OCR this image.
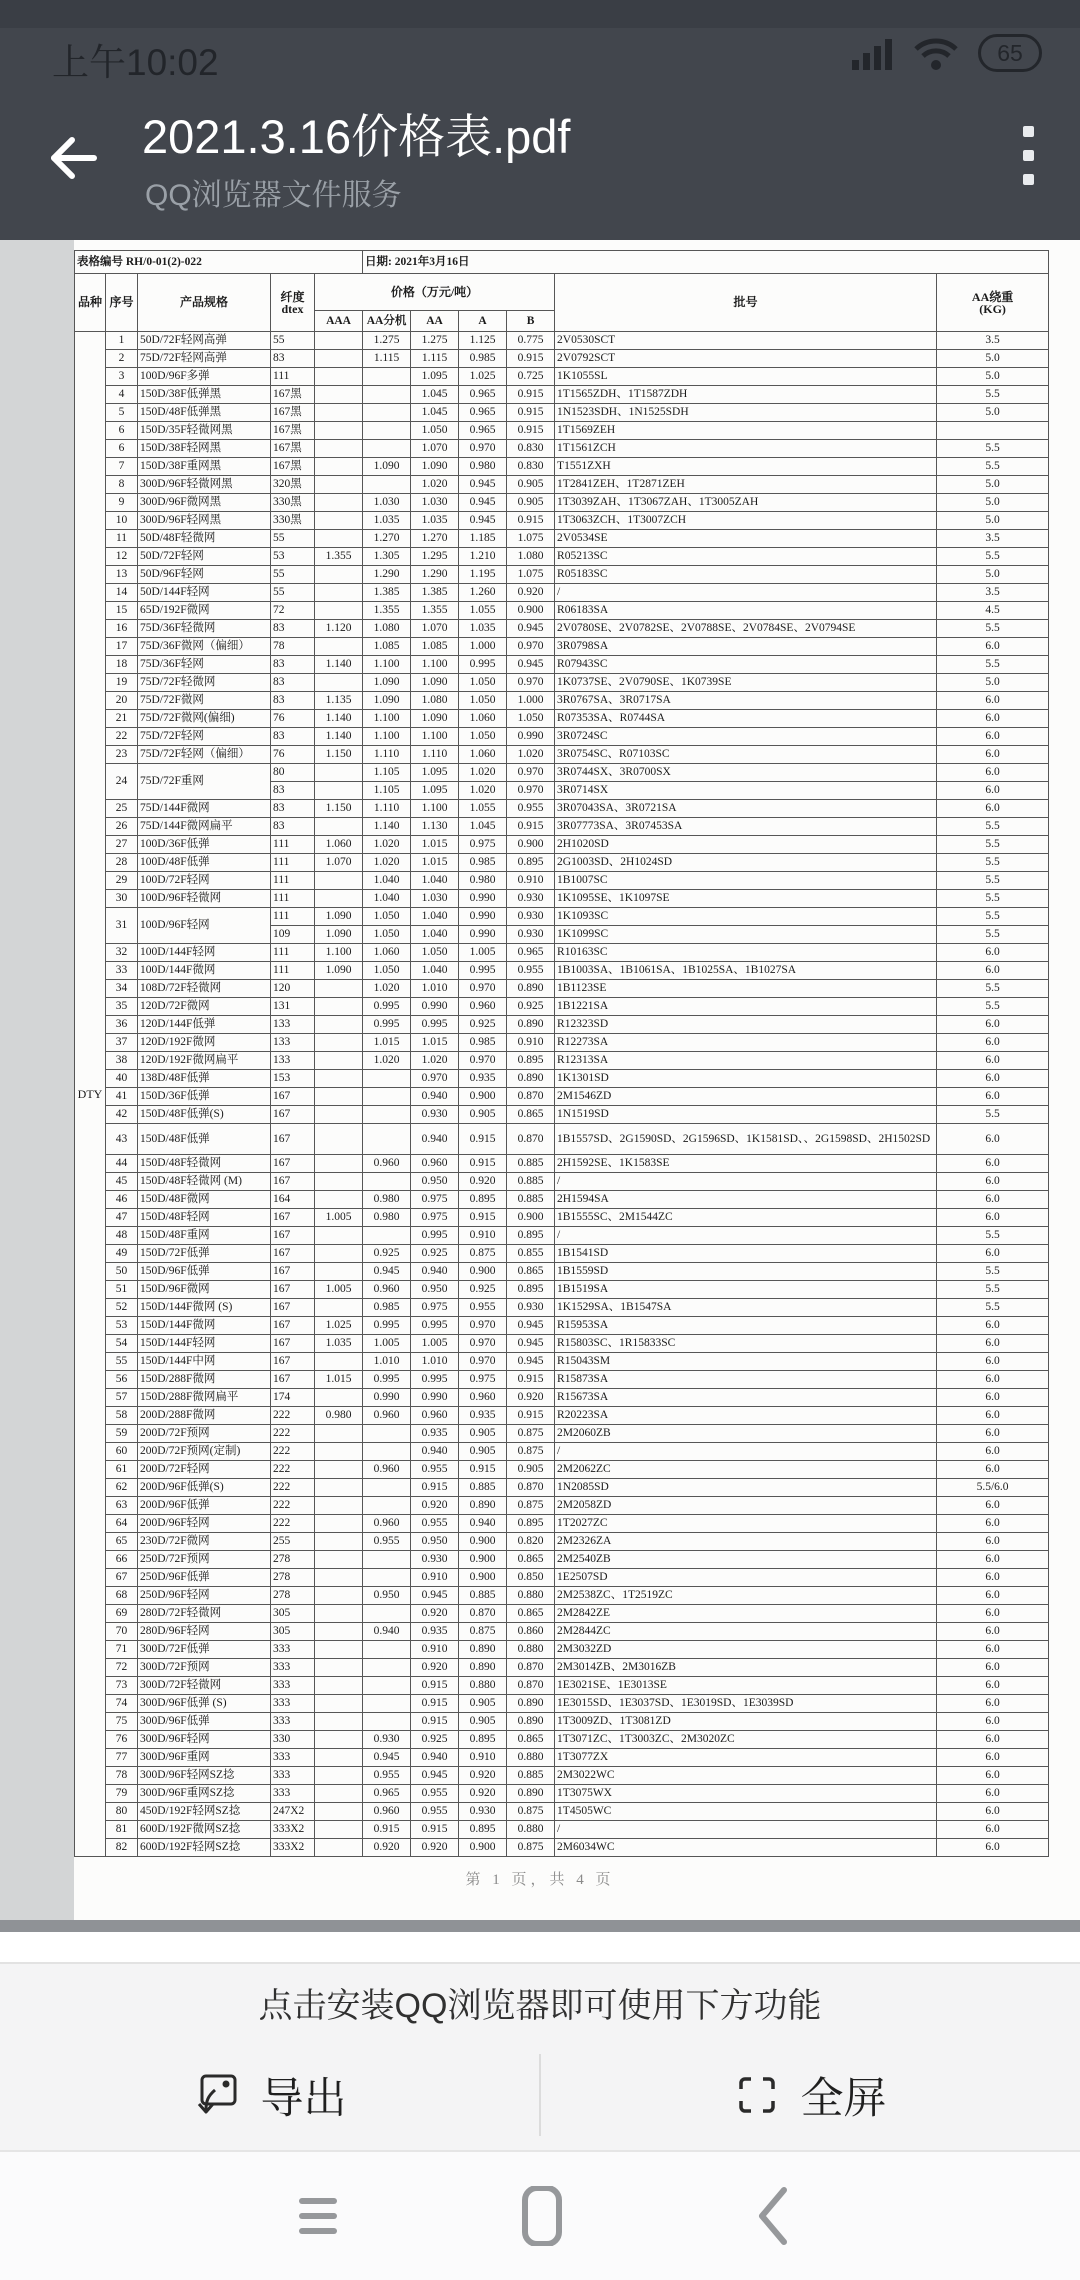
上午10:02	65
2021.3.16价格表.pdf
QQ浏览器文件服务
表格编号 RH/0-01(2)-022					日期: 2021年3月16日					
品种	序号	产品规格	纤度
dtex	价格（万元/吨）					批号	AA绕重
(KG)

				AAA	AA分机	AA	A	B		
DTY	1	50D/72F轻网高弹	55		1.275	1.275	1.125	0.775	2V0530SCT	3.5
	2	75D/72F轻网高弹	83		1.115	1.115	0.985	0.915	2V0792SCT	5.0
	3	100D/96F多弹	111			1.095	1.025	0.725	1K1055SL	5.0
	4	150D/38F低弹黑	167黑			1.045	0.965	0.915	1T1565ZDH、1T1587ZDH	5.5
	5	150D/48F低弹黑	167黑			1.045	0.965	0.915	1N1523SDH、1N1525SDH	5.0
	6	150D/35F轻微网黑	167黑			1.050	0.965	0.915	1T1569ZEH	
	6	150D/38F轻网黑	167黑			1.070	0.970	0.830	1T1561ZCH	5.5
	7	150D/38F重网黑	167黑		1.090	1.090	0.980	0.830	T1551ZXH	5.5
	8	300D/96F轻微网黑	320黑			1.020	0.945	0.905	1T2841ZEH、1T2871ZEH	5.0
	9	300D/96F微网黑	330黑		1.030	1.030	0.945	0.905	1T3039ZAH、1T3067ZAH、1T3005ZAH	5.0
	10	300D/96F轻网黑	330黑		1.035	1.035	0.945	0.915	1T3063ZCH、1T3007ZCH	5.0
	11	50D/48F轻微网	55		1.270	1.270	1.185	1.075	2V0534SE	3.5
	12	50D/72F轻网	53	1.355	1.305	1.295	1.210	1.080	R05213SC	5.5
	13	50D/96F轻网	55		1.290	1.290	1.195	1.075	R05183SC	5.0
	14	50D/144F轻网	55		1.385	1.385	1.260	0.920	/	3.5
	15	65D/192F微网	72		1.355	1.355	1.055	0.900	R06183SA	4.5
	16	75D/36F轻微网	83	1.120	1.080	1.070	1.035	0.945	2V0780SE、2V0782SE、2V0788SE、2V0784SE、2V0794SE	5.5
	17	75D/36F微网（偏细）	78		1.085	1.085	1.000	0.970	3R0798SA	6.0
	18	75D/36F轻网	83	1.140	1.100	1.100	0.995	0.945	R07943SC	5.5
	19	75D/72F轻微网	83		1.090	1.090	1.050	0.970	1K0737SE、2V0790SE、1K0739SE	5.0
	20	75D/72F微网	83	1.135	1.090	1.080	1.050	1.000	3R0767SA、3R0717SA	6.0
	21	75D/72F微网(偏细)	76	1.140	1.100	1.090	1.060	1.050	R07353SA、R0744SA	6.0
	22	75D/72F轻网	83	1.140	1.100	1.100	1.050	0.990	3R0724SC	6.0
	23	75D/72F轻网（偏细）	76	1.150	1.110	1.110	1.060	1.020	3R0754SC、R07103SC	6.0
	24	75D/72F重网	80		1.105	1.095	1.020	0.970	3R0744SX、3R0700SX	6.0
			83		1.105	1.095	1.020	0.970	3R0714SX	6.0
	25	75D/144F微网	83	1.150	1.110	1.100	1.055	0.955	3R07043SA、3R0721SA	6.0
	26	75D/144F微网扁平	83		1.140	1.130	1.045	0.915	3R07773SA、3R07453SA	5.5
	27	100D/36F低弹	111	1.060	1.020	1.015	0.975	0.900	2H1020SD	5.5
	28	100D/48F低弹	111	1.070	1.020	1.015	0.985	0.895	2G1003SD、2H1024SD	5.5
	29	100D/72F轻网	111		1.040	1.040	0.980	0.910	1B1007SC	5.5
	30	100D/96F轻微网	111		1.040	1.030	0.990	0.930	1K1095SE、1K1097SE	5.5
	31	100D/96F轻网	111	1.090	1.050	1.040	0.990	0.930	1K1093SC	5.5
			109	1.090	1.050	1.040	0.990	0.930	1K1099SC	5.5
	32	100D/144F轻网	111	1.100	1.060	1.050	1.005	0.965	R10163SC	6.0
	33	100D/144F微网	111	1.090	1.050	1.040	0.995	0.955	1B1003SA、1B1061SA、1B1025SA、1B1027SA	6.0
	34	108D/72F轻微网	120		1.020	1.010	0.970	0.890	1B1123SE	5.5
	35	120D/72F微网	131		0.995	0.990	0.960	0.925	1B1221SA	5.5
	36	120D/144F低弹	133		0.995	0.995	0.925	0.890	R12323SD	6.0
	37	120D/192F微网	133		1.015	1.015	0.985	0.910	R12273SA	6.0
	38	120D/192F微网扁平	133		1.020	1.020	0.970	0.895	R12313SA	6.0
	40	138D/48F低弹	153			0.970	0.935	0.890	1K1301SD	6.0
	41	150D/36F低弹	167			0.940	0.900	0.870	2M1546ZD	6.0
	42	150D/48F低弹(S)	167			0.930	0.905	0.865	1N1519SD	5.5
	43	150D/48F低弹	167			0.940	0.915	0.870	1B1557SD、2G1590SD、2G1596SD、1K1581SD、、2G1598SD、2H1502SD	6.0
	44	150D/48F轻微网	167		0.960	0.960	0.915	0.885	2H1592SE、1K1583SE	6.0
	45	150D/48F轻微网 (M)	167			0.950	0.920	0.885	/	6.0
	46	150D/48F微网	164		0.980	0.975	0.895	0.885	2H1594SA	6.0
	47	150D/48F轻网	167	1.005	0.980	0.975	0.915	0.900	1B1555SC、2M1544ZC	6.0
	48	150D/48F重网	167			0.995	0.910	0.895	/	5.5
	49	150D/72F低弹	167		0.925	0.925	0.875	0.855	1B1541SD	6.0
	50	150D/96F低弹	167		0.945	0.940	0.900	0.865	1B1559SD	5.5
	51	150D/96F微网	167	1.005	0.960	0.950	0.925	0.895	1B1519SA	5.5
	52	150D/144F微网 (S)	167		0.985	0.975	0.955	0.930	1K1529SA、1B1547SA	5.5
	53	150D/144F微网	167	1.025	0.995	0.995	0.970	0.945	R15953SA	6.0
	54	150D/144F轻网	167	1.035	1.005	1.005	0.970	0.945	R15803SC、1R15833SC	6.0
	55	150D/144F中网	167		1.010	1.010	0.970	0.945	R15043SM	6.0
	56	150D/288F微网	167	1.015	0.995	0.995	0.975	0.915	R15873SA	6.0
	57	150D/288F微网扁平	174		0.990	0.990	0.960	0.920	R15673SA	6.0
	58	200D/288F微网	222	0.980	0.960	0.960	0.935	0.915	R20223SA	6.0
	59	200D/72F预网	222			0.935	0.905	0.875	2M2060ZB	6.0
	60	200D/72F预网(定制)	222			0.940	0.905	0.875	/	6.0
	61	200D/72F轻网	222		0.960	0.955	0.915	0.905	2M2062ZC	6.0
	62	200D/96F低弹(S)	222			0.915	0.885	0.870	1N2085SD	5.5/6.0
	63	200D/96F低弹	222			0.920	0.890	0.875	2M2058ZD	6.0
	64	200D/96F轻网	222		0.960	0.955	0.940	0.895	1T2027ZC	6.0
	65	230D/72F微网	255		0.955	0.950	0.900	0.820	2M2326ZA	6.0
	66	250D/72F预网	278			0.930	0.900	0.865	2M2540ZB	6.0
	67	250D/96F低弹	278			0.910	0.900	0.850	1E2507SD	6.0
	68	250D/96F轻网	278		0.950	0.945	0.885	0.880	2M2538ZC、1T2519ZC	6.0
	69	280D/72F轻微网	305			0.920	0.870	0.865	2M2842ZE	6.0
	70	280D/96F轻网	305		0.940	0.935	0.875	0.860	2M2844ZC	6.0
	71	300D/72F低弹	333			0.910	0.890	0.880	2M3032ZD	6.0
	72	300D/72F预网	333			0.920	0.890	0.870	2M3014ZB、2M3016ZB	6.0
	73	300D/72F轻微网	333			0.915	0.880	0.870	1E3021SE、1E3013SE	6.0
	74	300D/96F低弹 (S)	333			0.915	0.905	0.890	1E3015SD、1E3037SD、1E3019SD、1E3039SD	6.0
	75	300D/96F低弹	333			0.915	0.905	0.890	1T3009ZD、1T3081ZD	6.0
	76	300D/96F轻网	330		0.930	0.925	0.895	0.865	1T3071ZC、1T3003ZC、2M3020ZC	6.0
	77	300D/96F重网	333		0.945	0.940	0.910	0.880	1T3077ZX	6.0
	78	300D/96F轻网SZ捻	333		0.955	0.945	0.920	0.885	2M3022WC	6.0
	79	300D/96F重网SZ捻	333		0.965	0.955	0.920	0.890	1T3075WX	6.0
	80	450D/192F轻网SZ捻	247X2		0.960	0.955	0.930	0.875	1T4505WC	6.0
	81	600D/192F微网SZ捻	333X2		0.915	0.915	0.895	0.880	/	6.0
	82	600D/192F轻网SZ捻	333X2		0.920	0.920	0.900	0.875	2M6034WC	6.0
第 1 页，共 4 页
点击安装QQ浏览器即可使用下方功能
导出	全屏
